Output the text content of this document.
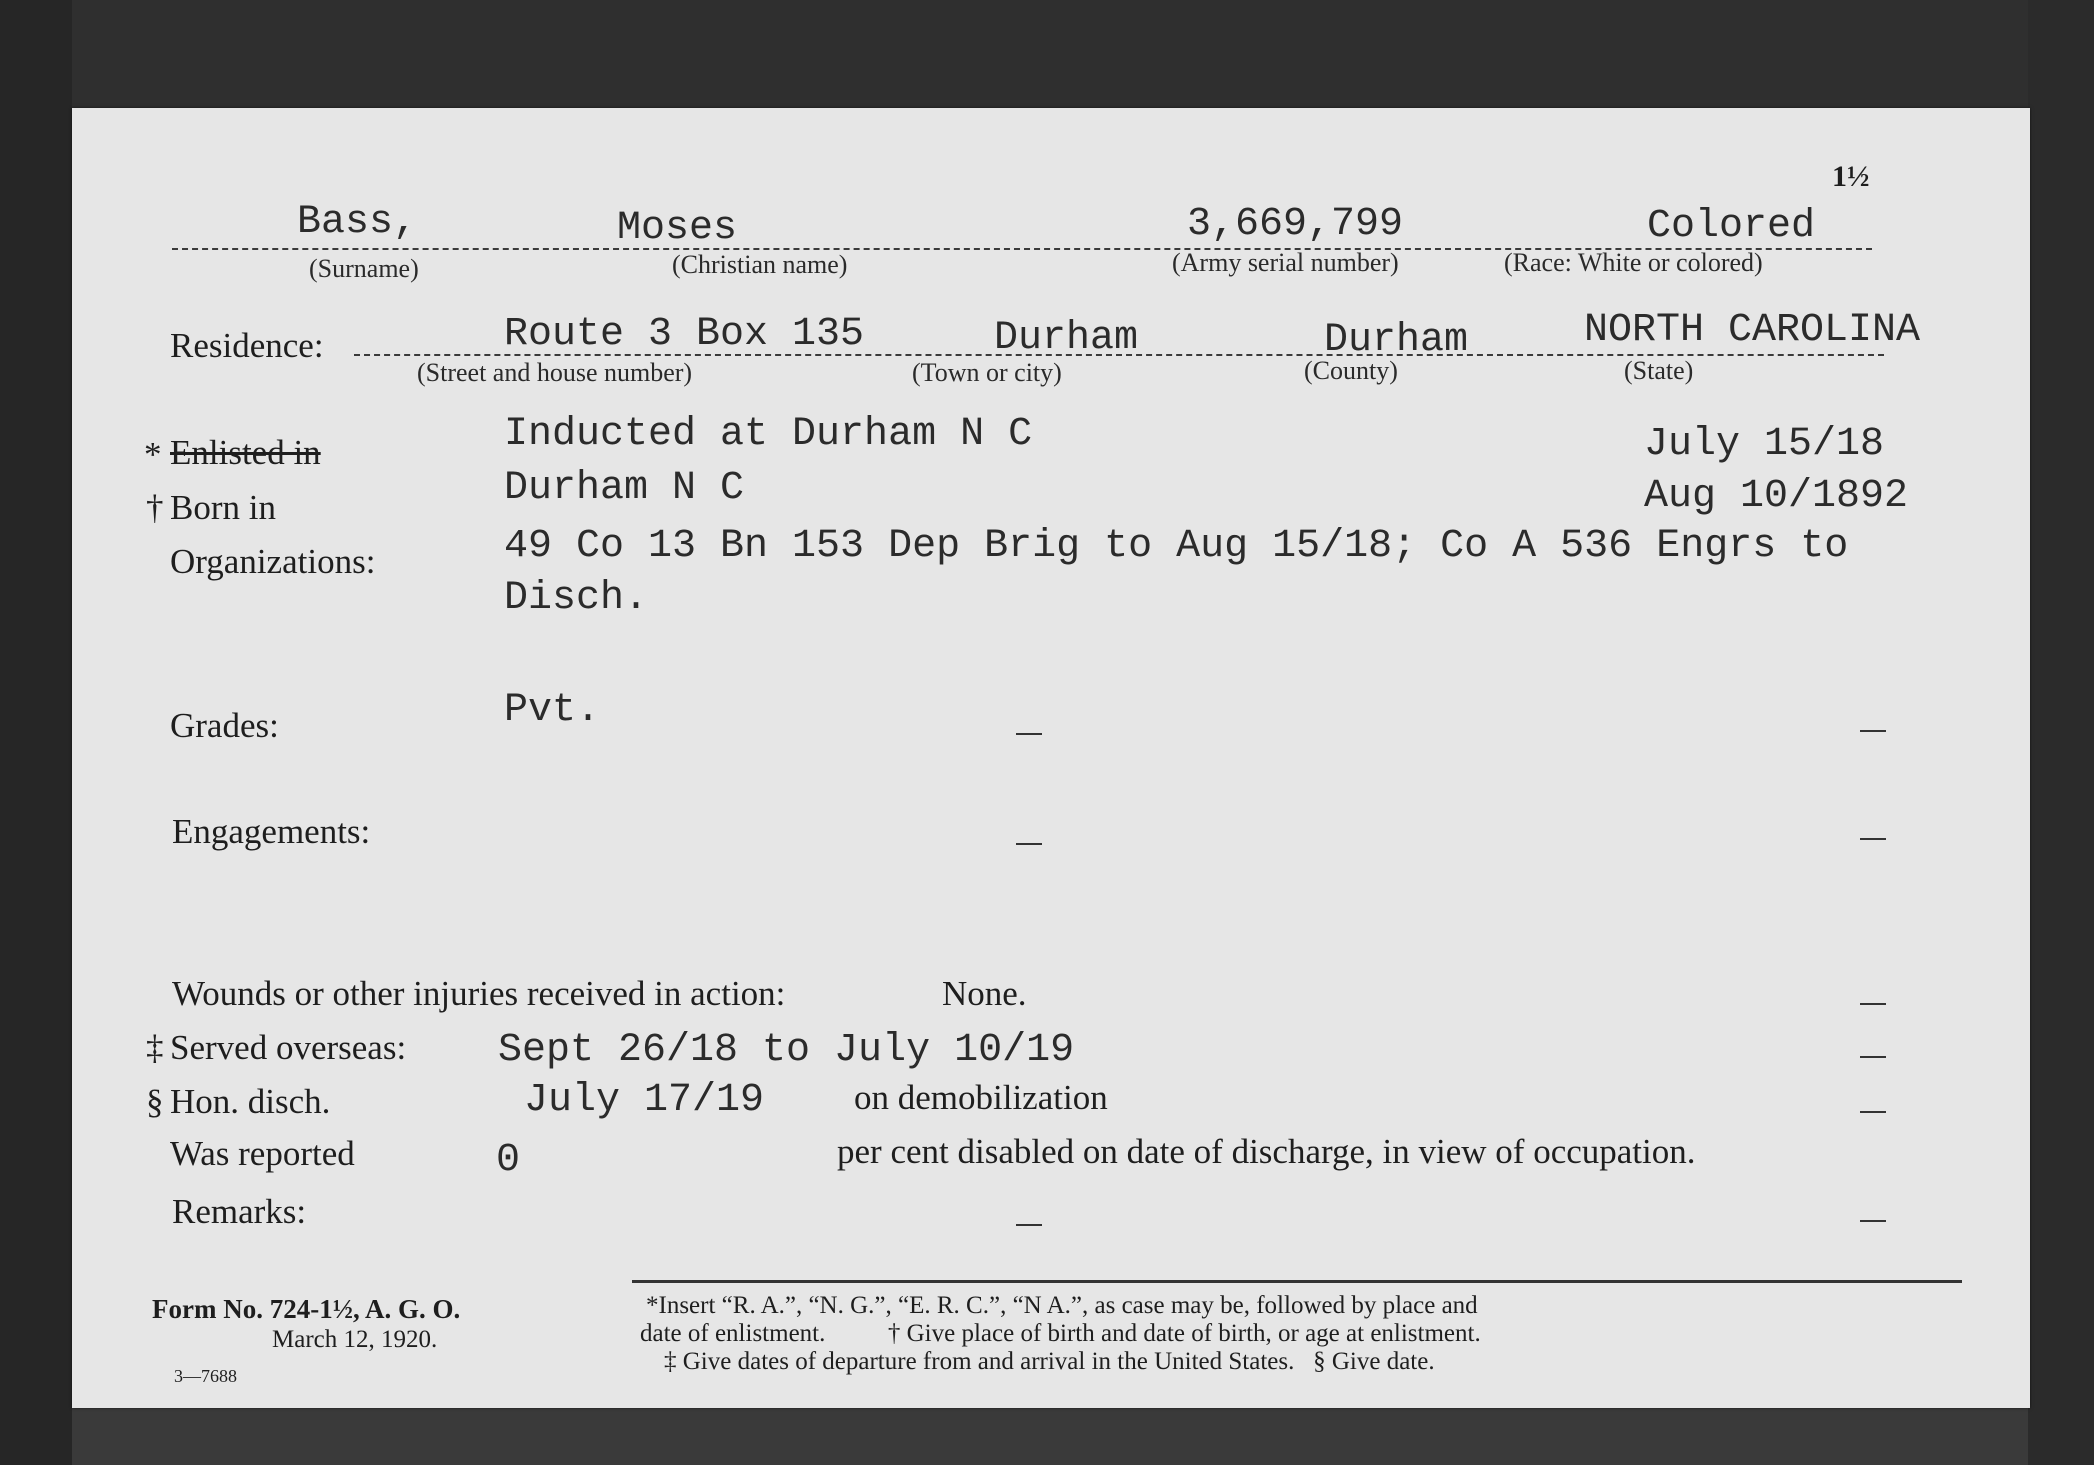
1½
Bass,	Moses	3,669,799	Colored
(Surname)	(Christian name)	(Army serial number)	(Race: White or colored)
Residence:	Route 3 Box 135	Durham	Durham	NORTH CAROLINA
(Street and house number)	(Town or city)	(County)	(State)
* Enlisted in	Inducted at Durham N C	July 15/18
† Born in	Durham N C	Aug 10/1892
Organizations:	49 Co 13 Bn 153 Dep Brig to Aug 15/18; Co A 536 Engrs to
Disch.
Grades:	Pvt.
Engagements:
Wounds or other injuries received in action:	None.
‡ Served overseas: Sept 26/18 to July 10/19
§ Hon. disch.	July 17/19	on demobilization
Was reported	0	per cent disabled on date of discharge, in view of occupation.
Remarks:
Form No. 724-1½, A. G. O.
March 12, 1920.
3—7688
*Insert “R. A.”, “N. G.”, “E. R. C.”, “N A.”, as case may be, followed by place and
date of enlistment.          † Give place of birth and date of birth, or age at enlistment.
‡ Give dates of departure from and arrival in the United States.   § Give date.
